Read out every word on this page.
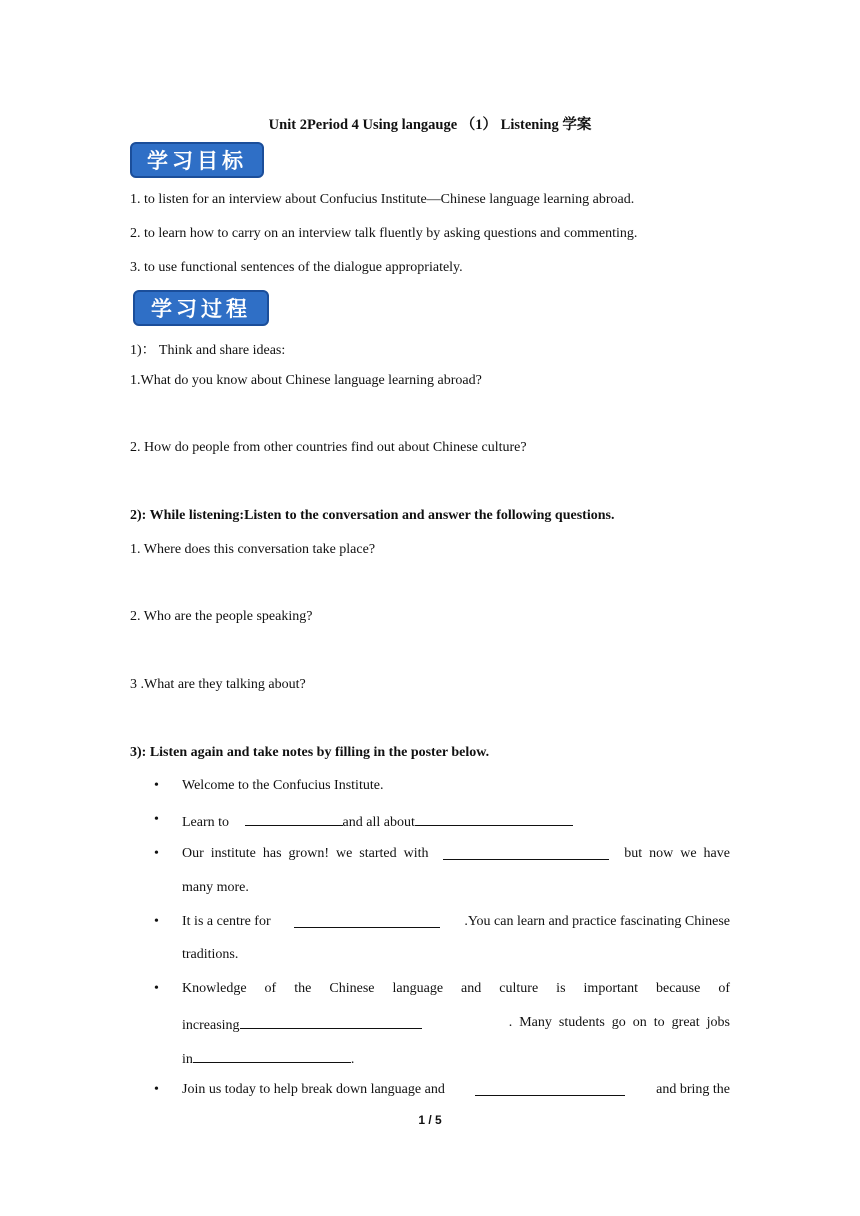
Unit 2Period 4 Using langauge （1） Listening 学案
学习目标
1. to listen for an interview about Confucius Institute—Chinese language learning abroad.
2. to learn how to carry on an interview talk fluently by asking questions and commenting.
3. to use functional sentences of the dialogue appropriately.
学习过程
1)： Think and share ideas:
1.What do you know about Chinese language learning abroad?
2. How do people from other countries find out about Chinese culture?
2): While listening:Listen to the conversation and answer the following questions.
1. Where does this conversation take place?
2. Who are the people speaking?
3 .What are they talking about?
3): Listen again and take notes by filling in the poster below.
• Welcome to the Confucius Institute.
• Learn to	and all about
• Our  institute  has  grown!  we  started  with	but  now  we  have
many more.
• It is a centre for	.You can learn and practice fascinating Chinese
traditions.
• Knowledge  of  the  Chinese  language  and  culture  is  important  because  of
increasing	.  Many  students  go  on  to  great  jobs
in	.
• Join us today to help break down language and	and bring the
1 / 5
